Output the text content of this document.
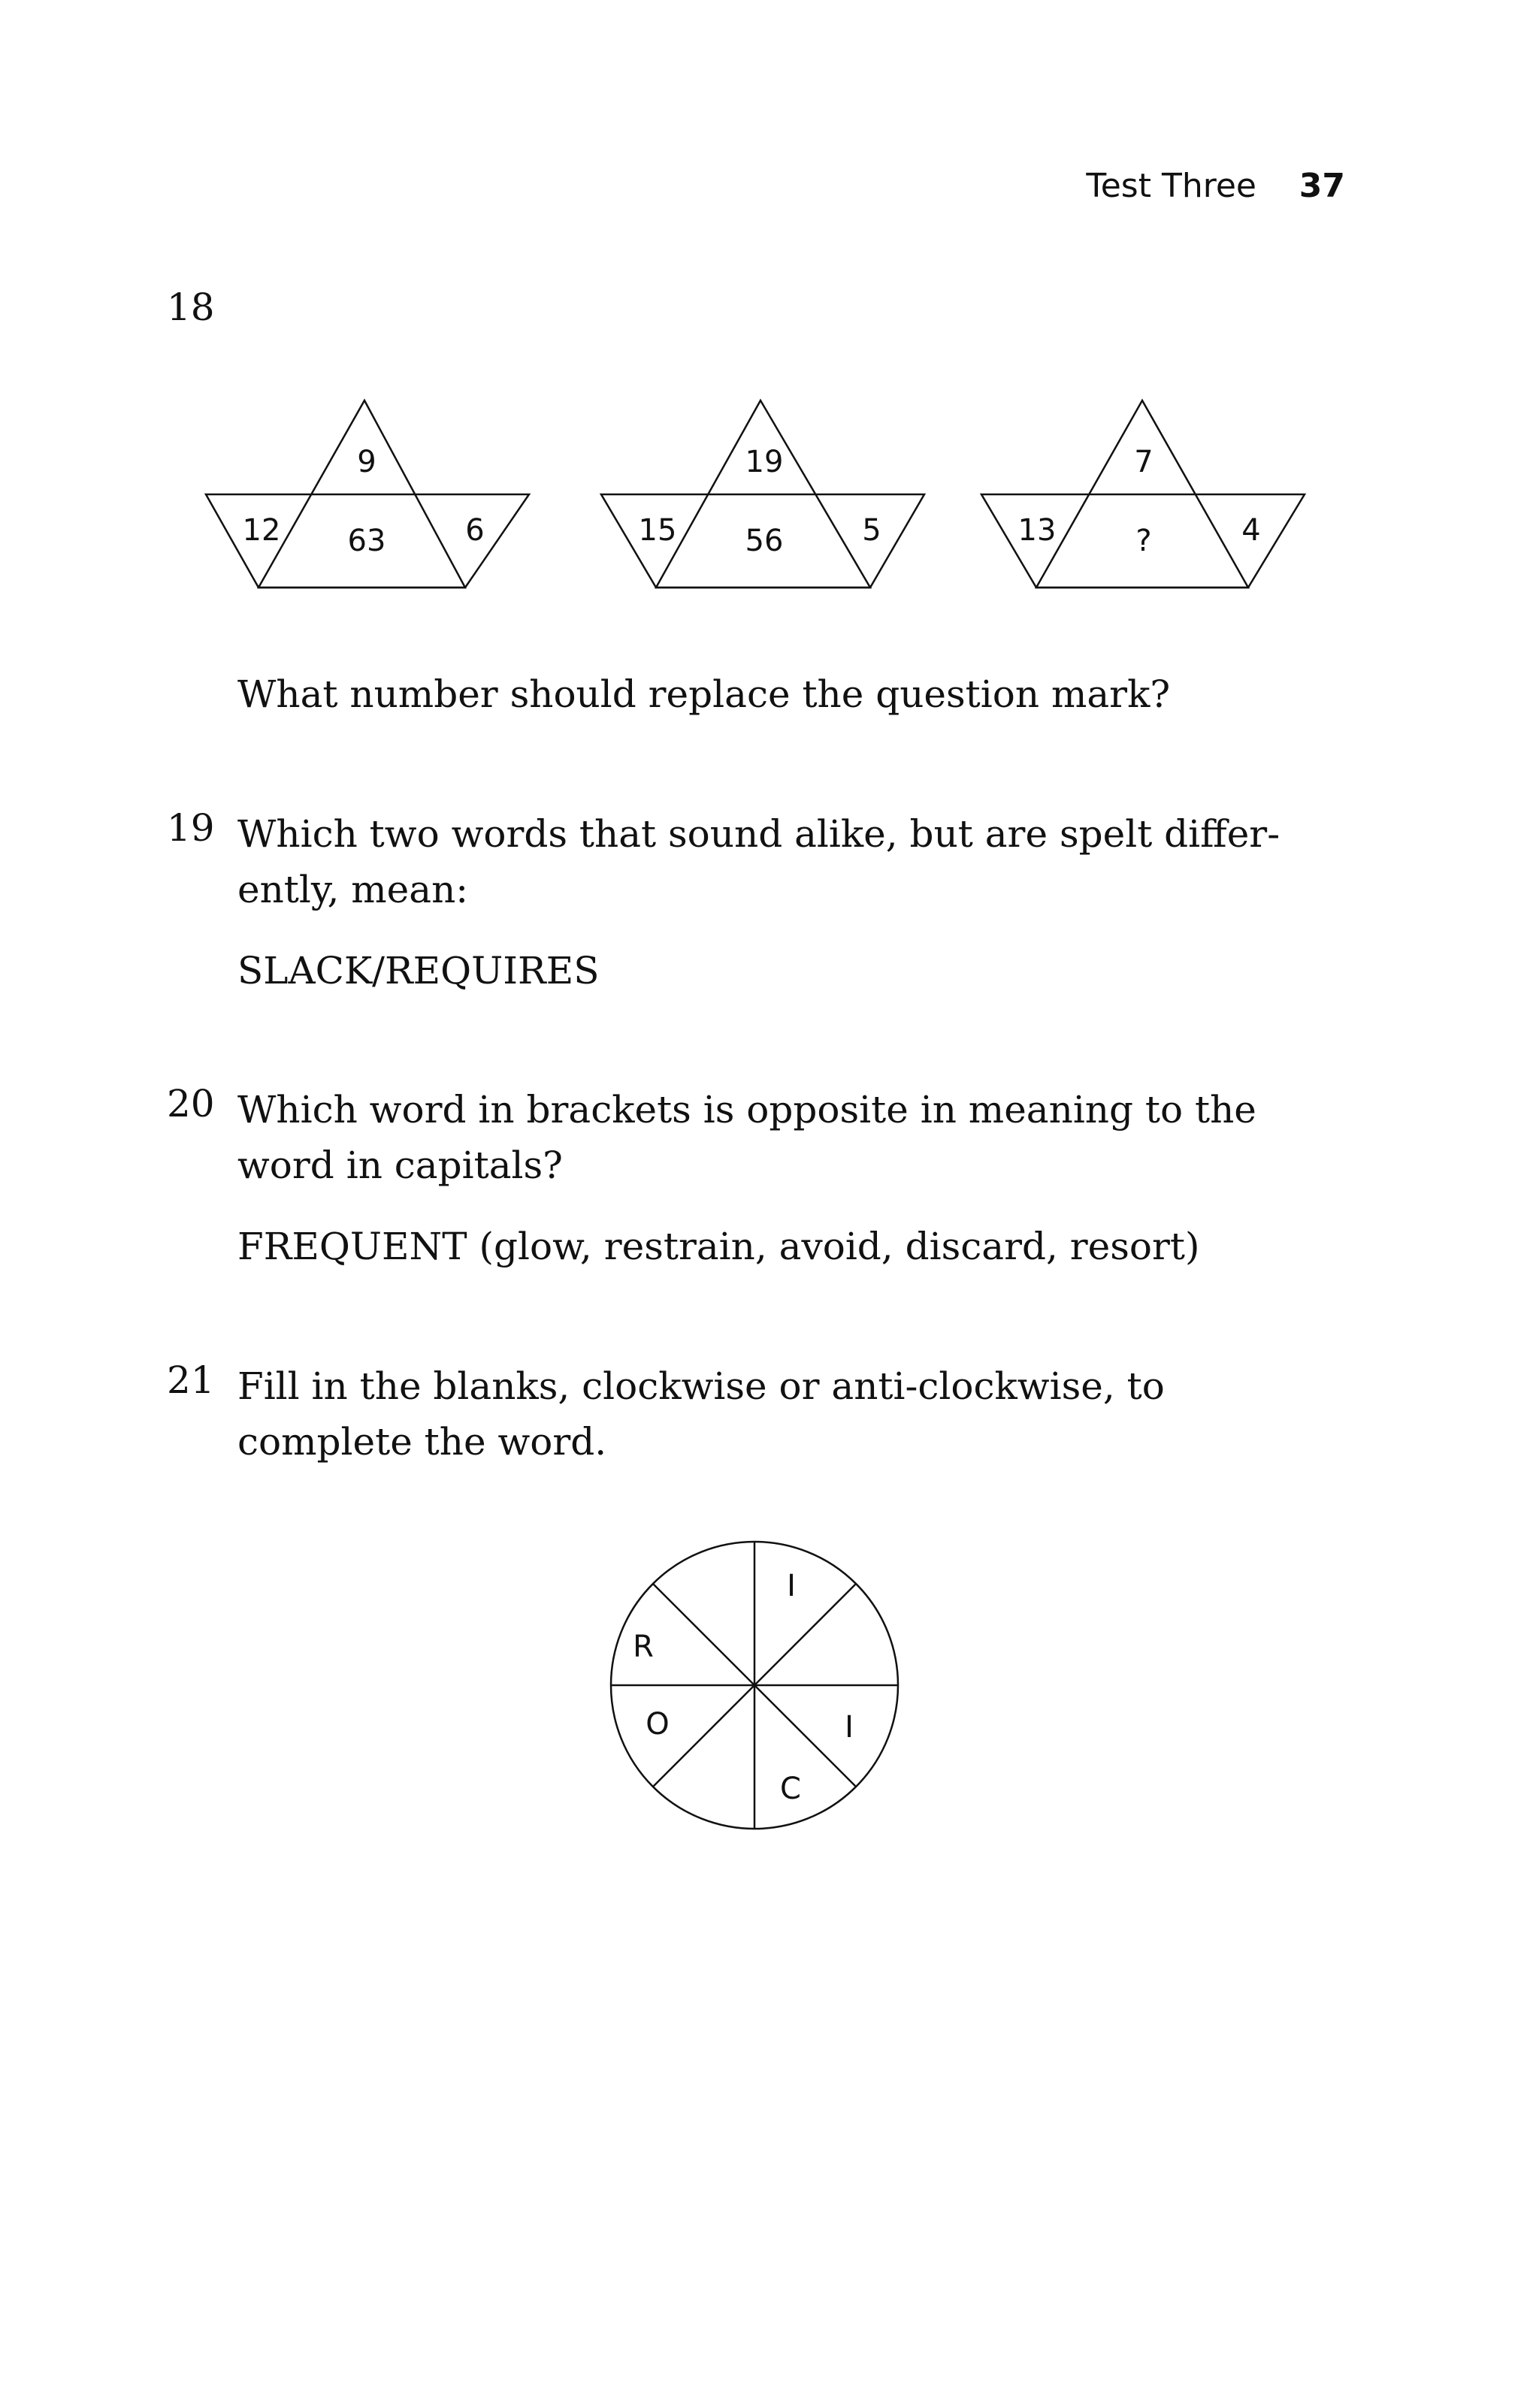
Test Three 37
18
9
12 63	6
19
15 56	5
7
13	?	4
What number should replace the question mark?
19 Which two words that sound alike, but are spelt differ-
ently, mean:
SLACK/REQUIRES
20 Which word in brackets is opposite in meaning to the
word in capitals?
FREQUENT (glow, restrain, avoid, discard, resort)
21 Fill in the blanks, clockwise or anti-clockwise, to
complete the word.
I
I
C
O
R
